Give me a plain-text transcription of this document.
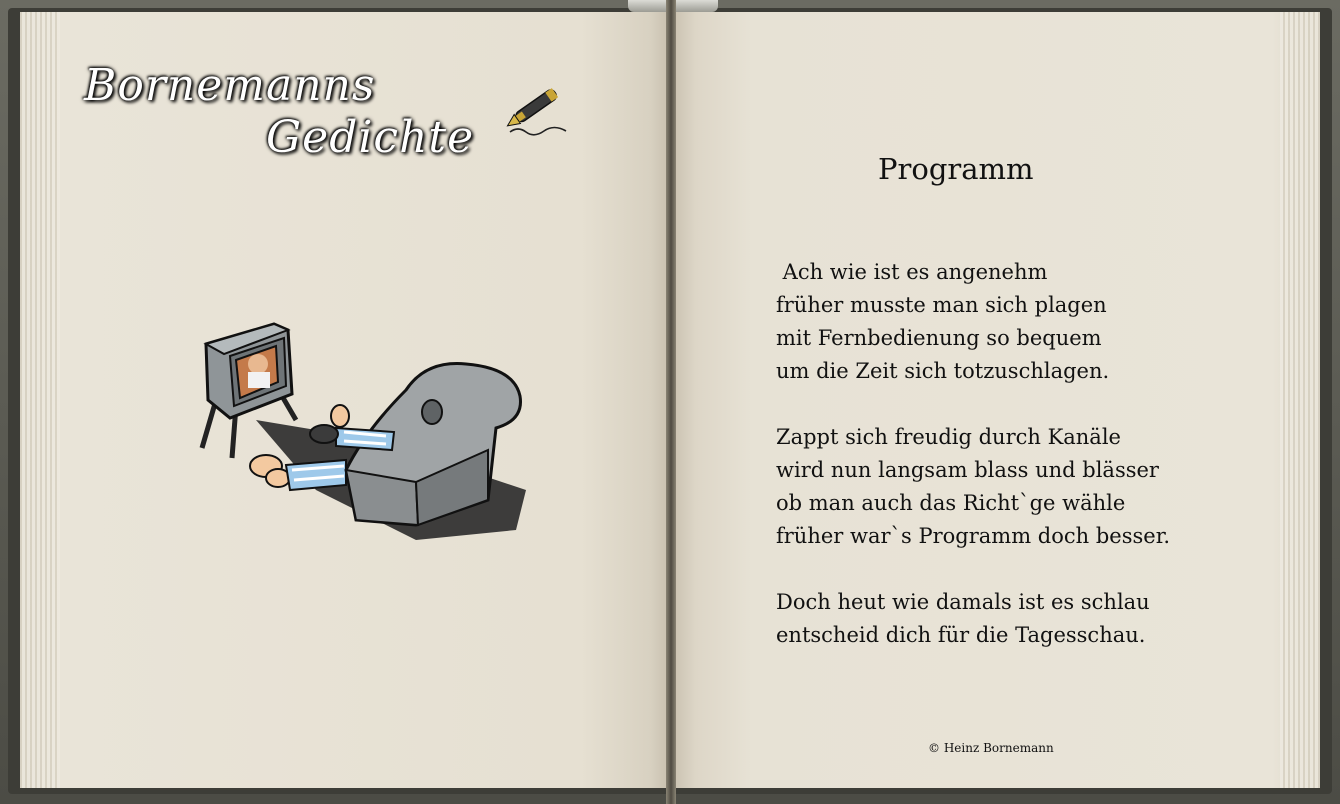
Bornemanns
Gedichte
Programm
Ach wie ist es angenehm
früher musste man sich plagen
mit Fernbedienung so bequem
um die Zeit sich totzuschlagen.
Zappt sich freudig durch Kanäle
wird nun langsam blass und blässer
ob man auch das Richt`ge wähle
früher war`s Programm doch besser.
Doch heut wie damals ist es schlau
entscheid dich für die Tagesschau.
© Heinz Bornemann
